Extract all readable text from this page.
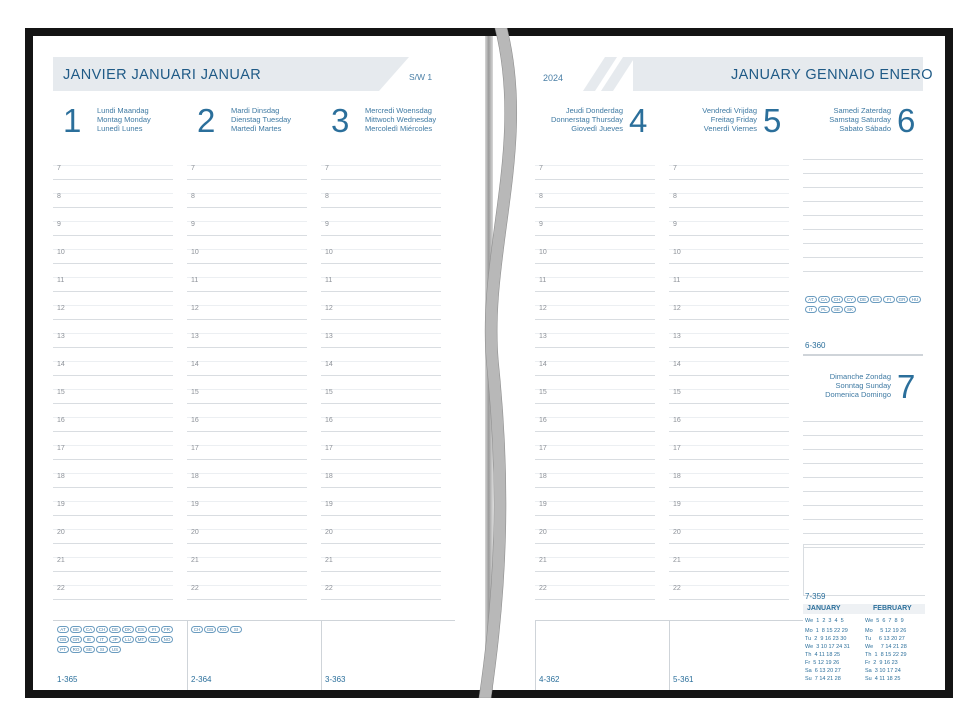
JANVIER JANUARI JANUAR	S/W 1
1 Lundi Maandag
Montag Monday
Lunedì Lunes
7
8
9
10
11
12
13
14
15
16
17
18
19
20
21
22
1-365
2 Mardi Dinsdag
Dienstag Tuesday
Martedì Martes
7
8
9
10
11
12
13
14
15
16
17
18
19
20
21
22
2-364
3 Mercredi Woensdag
Mittwoch Wednesday
Mercoledì Miércoles
7
8
9
10
11
12
13
14
15
16
17
18
19
20
21
22
3-363
AT BE CA CH DE DK ES FI FRGB GR IE IT JP LU MT NL NOPT RO SE SI US
CH GB RO SI
2024	JANUARY GENNAIO ENERO
4
Jeudi Donderdag
Donnerstag Thursday
Giovedì Jueves
7
8
9
10
11
12
13
14
15
16
17
18
19
20
21
22
4-362
5
Vendredi Vrijdag
Freitag Friday
Venerdì Viernes
7
8
9
10
11
12
13
14
15
16
17
18
19
20
21
22
5-361
6
Samedi Zaterdag
Samstag Saturday
Sabato Sábado
AT CA CH CY DE ES FI GR HUIT PL SE SK
6-360
7
Dimanche Zondag
Sonntag Sunday
Domenica Domingo
7-359
JANUARY	FEBRUARY
We  1  2  3  4  5	We  5  6  7  8  9
Mo  1  8 15 22 29
Tu  2  9 16 23 30
We  3 10 17 24 31
Th  4 11 18 25
Fr  5 12 19 26
Sa  6 13 20 27
Su  7 14 21 28
Mo     5 12 19 26
Tu     6 13 20 27
We     7 14 21 28
Th  1  8 15 22 29
Fr  2  9 16 23
Sa  3 10 17 24
Su  4 11 18 25
